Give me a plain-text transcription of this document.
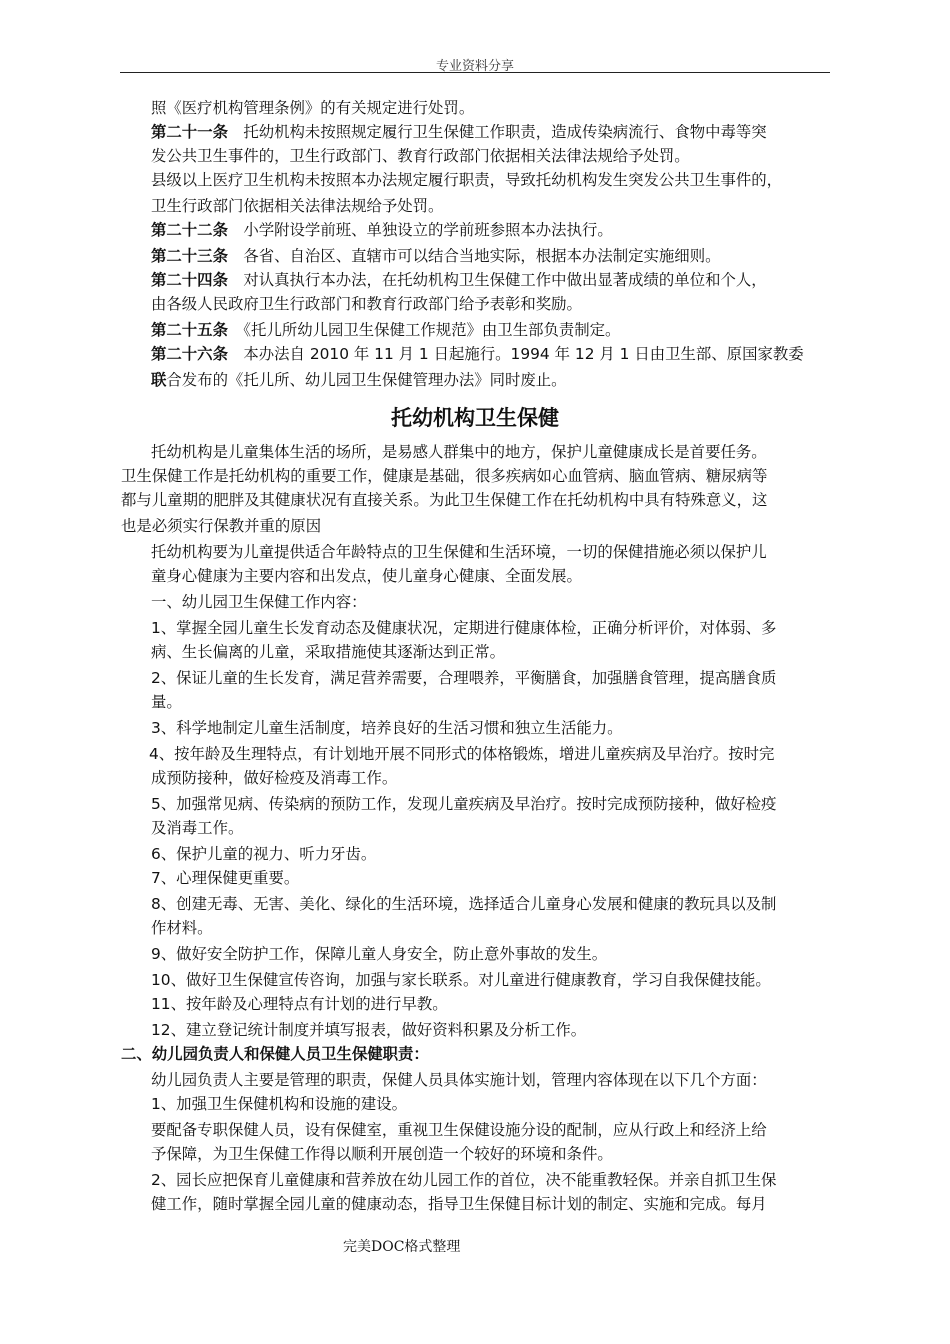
专业资料分享
照《医疗机构管理条例》的有关规定进行处罚。
第二十一条　托幼机构未按照规定履行卫生保健工作职责，造成传染病流行、食物中毒等突
发公共卫生事件的，卫生行政部门、教育行政部门依据相关法律法规给予处罚。
县级以上医疗卫生机构未按照本办法规定履行职责，导致托幼机构发生突发公共卫生事件的，
卫生行政部门依据相关法律法规给予处罚。
第二十二条　小学附设学前班、单独设立的学前班参照本办法执行。
第二十三条　各省、自治区、直辖市可以结合当地实际，根据本办法制定实施细则。
第二十四条　对认真执行本办法，在托幼机构卫生保健工作中做出显著成绩的单位和个人，
由各级人民政府卫生行政部门和教育行政部门给予表彰和奖励。
第二十五条　《托儿所幼儿园卫生保健工作规范》由卫生部负责制定。
第二十六条　本办法自 2010 年 11 月 1 日起施行。1994 年 12 月 1 日由卫生部、原国家教委
联合发布的《托儿所、幼儿园卫生保健管理办法》同时废止。
托幼机构是儿童集体生活的场所，是易感人群集中的地方，保护儿童健康成长是首要任务。
卫生保健工作是托幼机构的重要工作，健康是基础，很多疾病如心血管病、脑血管病、糖尿病等
都与儿童期的肥胖及其健康状况有直接关系。为此卫生保健工作在托幼机构中具有特殊意义，这
也是必须实行保教并重的原因
托幼机构要为儿童提供适合年龄特点的卫生保健和生活环境，一切的保健措施必须以保护儿
童身心健康为主要内容和出发点，使儿童身心健康、全面发展。
一、幼儿园卫生保健工作内容：
1、掌握全园儿童生长发育动态及健康状况，定期进行健康体检，正确分析评价，对体弱、多
病、生长偏离的儿童，采取措施使其逐渐达到正常。
2、保证儿童的生长发育，满足营养需要，合理喂养，平衡膳食，加强膳食管理，提高膳食质
量。
3、科学地制定儿童生活制度，培养良好的生活习惯和独立生活能力。
4、按年龄及生理特点，有计划地开展不同形式的体格锻炼，增进儿童疾病及早治疗。按时完
成预防接种，做好检疫及消毒工作。
5、加强常见病、传染病的预防工作，发现儿童疾病及早治疗。按时完成预防接种，做好检疫
及消毒工作。
6、保护儿童的视力、听力牙齿。
7、心理保健更重要。
8、创建无毒、无害、美化、绿化的生活环境，选择适合儿童身心发展和健康的教玩具以及制
作材料。
9、做好安全防护工作，保障儿童人身安全，防止意外事故的发生。
10、做好卫生保健宣传咨询，加强与家长联系。对儿童进行健康教育，学习自我保健技能。
11、按年龄及心理特点有计划的进行早教。
12、建立登记统计制度并填写报表，做好资料积累及分析工作。
二、幼儿园负责人和保健人员卫生保健职责：
幼儿园负责人主要是管理的职责，保健人员具体实施计划，管理内容体现在以下几个方面：
1、加强卫生保健机构和设施的建设。
要配备专职保健人员，设有保健室，重视卫生保健设施分设的配制，应从行政上和经济上给
予保障，为卫生保健工作得以顺利开展创造一个较好的环境和条件。
2、园长应把保育儿童健康和营养放在幼儿园工作的首位，决不能重教轻保。并亲自抓卫生保
健工作，随时掌握全园儿童的健康动态，指导卫生保健目标计划的制定、实施和完成。每月
托幼机构卫生保健
完美DOC格式整理
